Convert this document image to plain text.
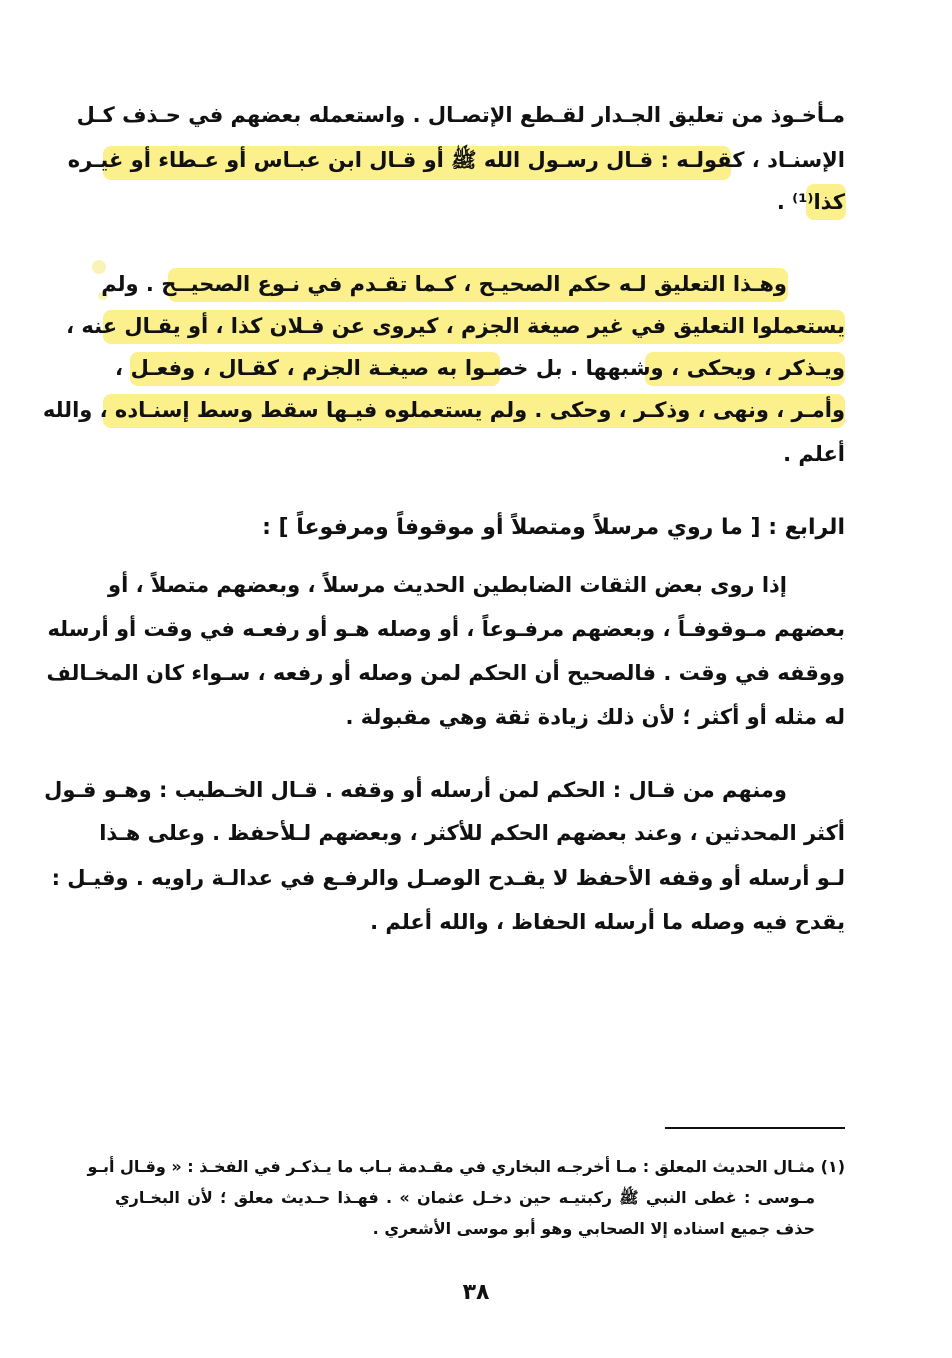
مـأخـوذ من تعليق الجـدار لقـطع الإتصـال . واستعمله بعضهم في حـذف كـل
الإسنـاد ، كقولـه : قـال رسـول الله ﷺ أو قـال ابن عبـاس أو عـطاء أو غيـره
كذا⁽¹⁾ .
وهـذا التعليق لـه حكم الصحيـح ، كـما تقـدم في نـوع الصحيــح . ولم
يستعملوا التعليق في غير صيغة الجزم ، كيروى عن فـلان كذا ، أو يقـال عنه ،
ويـذكر ، ويحكى ، وشبهها . بل خصـوا به صيغـة الجزم ، كقـال ، وفعـل ،
وأمـر ، ونهى ، وذكـر ، وحكى . ولم يستعملوه فيـها سقط وسط إسنـاده ، والله
أعلم .
الرابع : [ ما روي مرسلاً ومتصلاً أو موقوفاً ومرفوعاً ] :
إذا روى بعض الثقات الضابطين الحديث مرسلاً ، وبعضهم متصلاً ، أو
بعضهم مـوقوفـاً ، وبعضهم مرفـوعاً ، أو وصله هـو أو رفعـه في وقت أو أرسله
ووقفه في وقت . فالصحيح أن الحكم لمن وصله أو رفعه ، سـواء كان المخـالف
له مثله أو أكثر ؛ لأن ذلك زيادة ثقة وهي مقبولة .
ومنهم من قـال : الحكم لمن أرسله أو وقفه . قـال الخـطيب : وهـو قـول
أكثر المحدثين ، وعند بعضهم الحكم للأكثر ، وبعضهم لـلأحفظ . وعلى هـذا
لـو أرسله أو وقفه الأحفظ لا يقـدح الوصـل والرفـع في عدالـة راويه . وقيـل :
يقدح فيه وصله ما أرسله الحفاظ ، والله أعلم .
(١) مثـال الحديث المعلق : مـا أخرجـه البخاري في مقـدمة بـاب ما يـذكـر في الفخـذ : « وقـال أبـو
مـوسى : غطى النبي ﷺ ركبتيـه حين دخـل عثمان » . فهـذا حـديث معلق ؛ لأن البخـاري
حذف جميع اسناده إلا الصحابي وهو أبو موسى الأشعري .
٣٨
